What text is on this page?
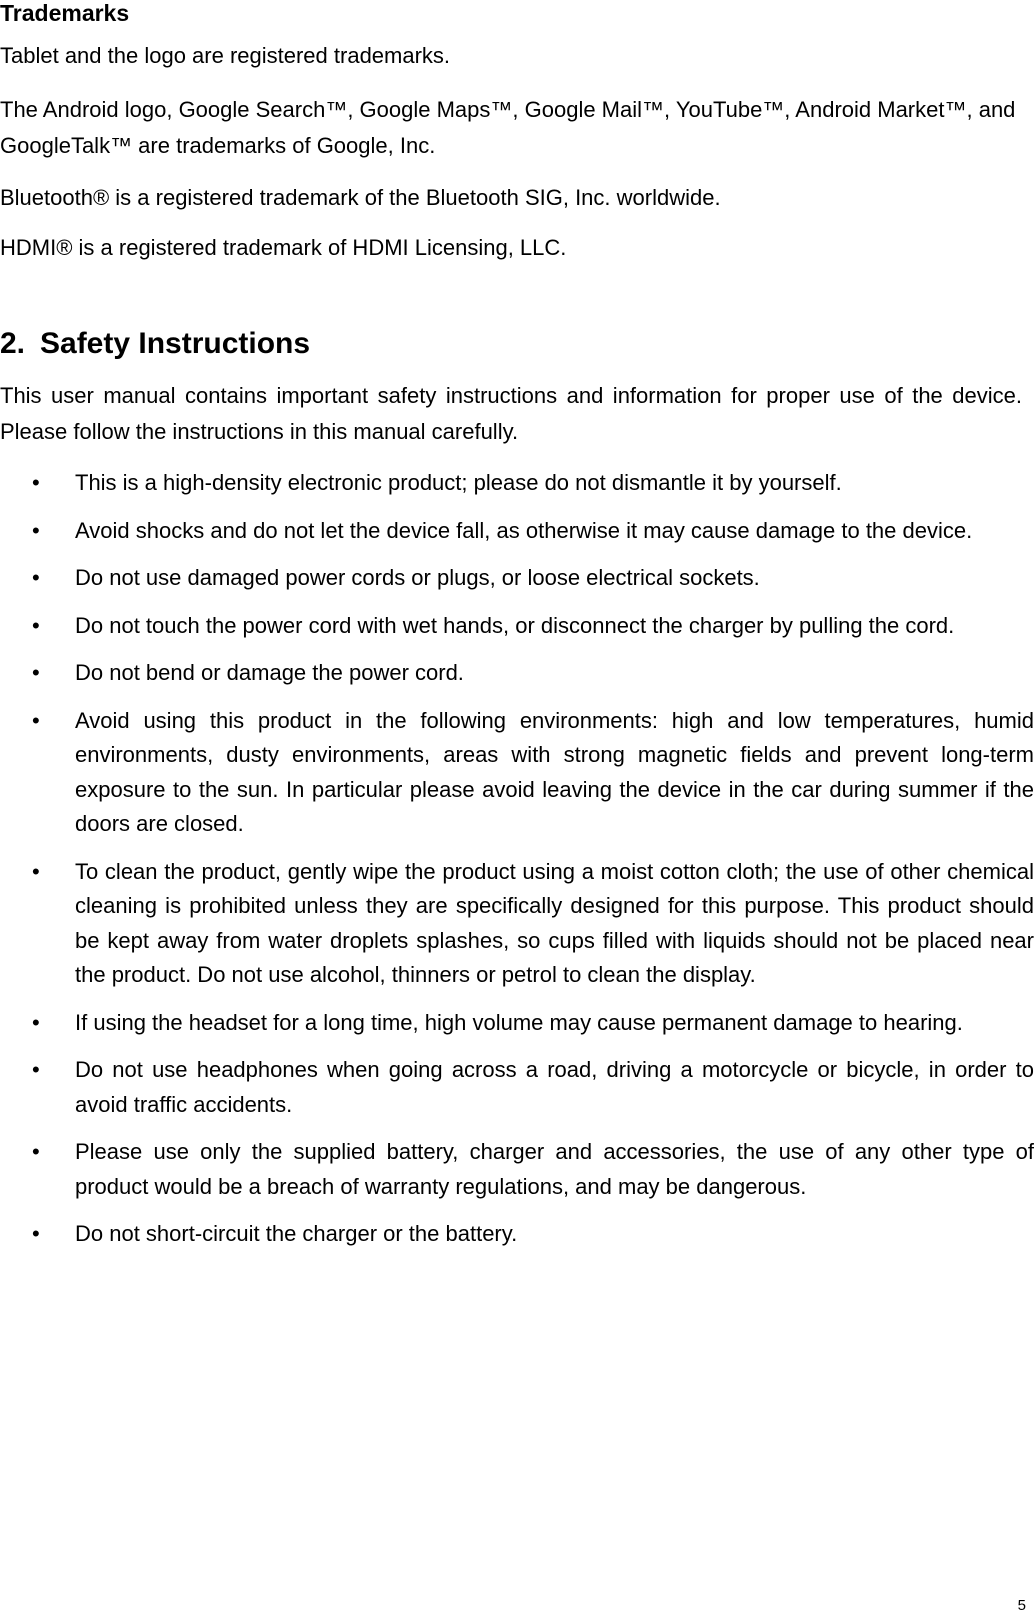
Trademarks

Tablet and the logo are registered trademarks.

The Android logo, Google Search™, Google Maps™, Google Mail™, YouTube™, Android Market™, and GoogleTalk™ are trademarks of Google, Inc.

Bluetooth® is a registered trademark of the Bluetooth SIG, Inc. worldwide.

HDMI® is a registered trademark of HDMI Licensing, LLC.

2. Safety Instructions

This user manual contains important safety instructions and information for proper use of the device. Please follow the instructions in this manual carefully.

•	This is a high-density electronic product; please do not dismantle it by yourself.
•	Avoid shocks and do not let the device fall, as otherwise it may cause damage to the device.
•	Do not use damaged power cords or plugs, or loose electrical sockets.
•	Do not touch the power cord with wet hands, or disconnect the charger by pulling the cord.
•	Do not bend or damage the power cord.
•	Avoid using this product in the following environments: high and low temperatures, humid environments, dusty environments, areas with strong magnetic fields and prevent long-term exposure to the sun. In particular please avoid leaving the device in the car during summer if the doors are closed.
•	To clean the product, gently wipe the product using a moist cotton cloth; the use of other chemical cleaning is prohibited unless they are specifically designed for this purpose. This product should be kept away from water droplets splashes, so cups filled with liquids should not be placed near the product. Do not use alcohol, thinners or petrol to clean the display.
•	If using the headset for a long time, high volume may cause permanent damage to hearing.
•	Do not use headphones when going across a road, driving a motorcycle or bicycle, in order to avoid traffic accidents.
•	Please use only the supplied battery, charger and accessories, the use of any other type of product would be a breach of warranty regulations, and may be dangerous.
•	Do not short-circuit the charger or the battery.
5
